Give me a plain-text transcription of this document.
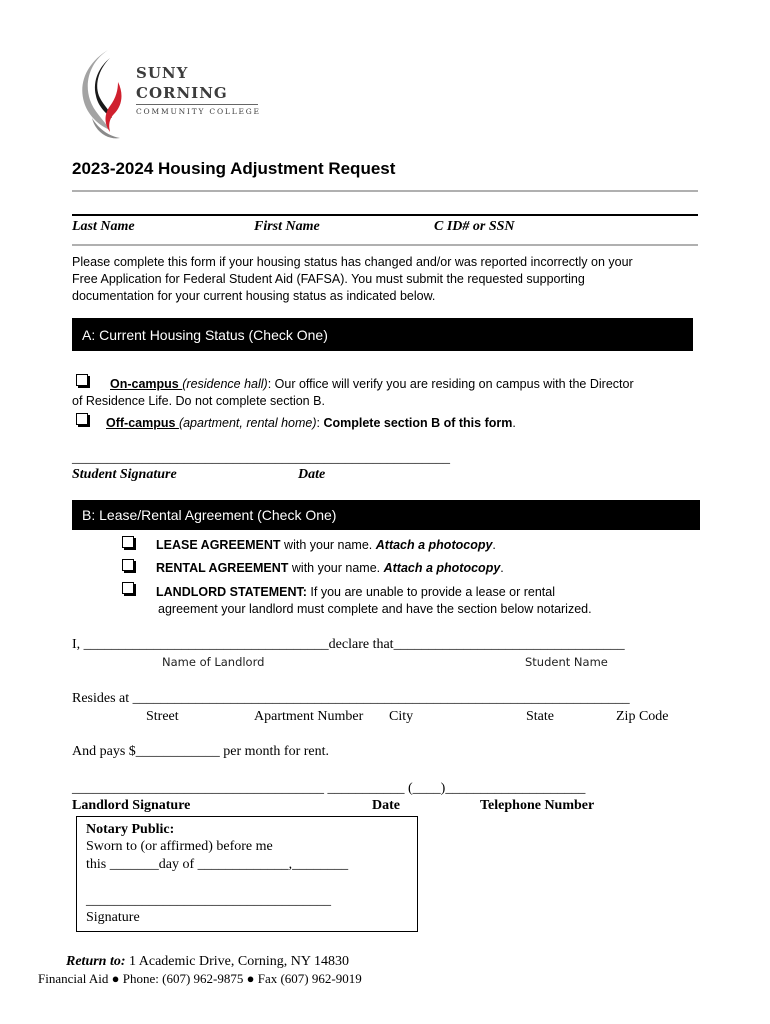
SUNY
CORNING
COMMUNITY COLLEGE
2023-2024 Housing Adjustment Request
Last Name	First Name	C ID# or SSN
Please complete this form if your housing status has changed and/or was reported incorrectly on your
Free Application for Federal Student Aid (FAFSA). You must submit the requested supporting
documentation for your current housing status as indicated below.
A: Current Housing Status (Check One)
On-campus (residence hall): Our office will verify you are residing on campus with the Director
of Residence Life. Do not complete section B.
Off-campus (apartment, rental home): Complete section B of this form.
______________________________________________________
Student Signature	Date
B: Lease/Rental Agreement (Check One)
LEASE AGREEMENT with your name. Attach a photocopy.
RENTAL AGREEMENT with your name. Attach a photocopy.
LANDLORD STATEMENT: If you are unable to provide a lease or rental
agreement your landlord must complete and have the section below notarized.
I, ___________________________________declare that_________________________________
Name of Landlord	Student Name
Resides at _______________________________________________________________________
Street	Apartment Number City	State	Zip Code
And pays $____________ per month for rent.
____________________________________ ___________ (____)____________________
Landlord Signature	Date	Telephone Number
Notary Public:
Sworn to (or affirmed) before me
this _______day of _____________,________
___________________________________
Signature
Return to: 1 Academic Drive, Corning, NY 14830
Financial Aid ● Phone: (607) 962-9875 ● Fax (607) 962-9019
